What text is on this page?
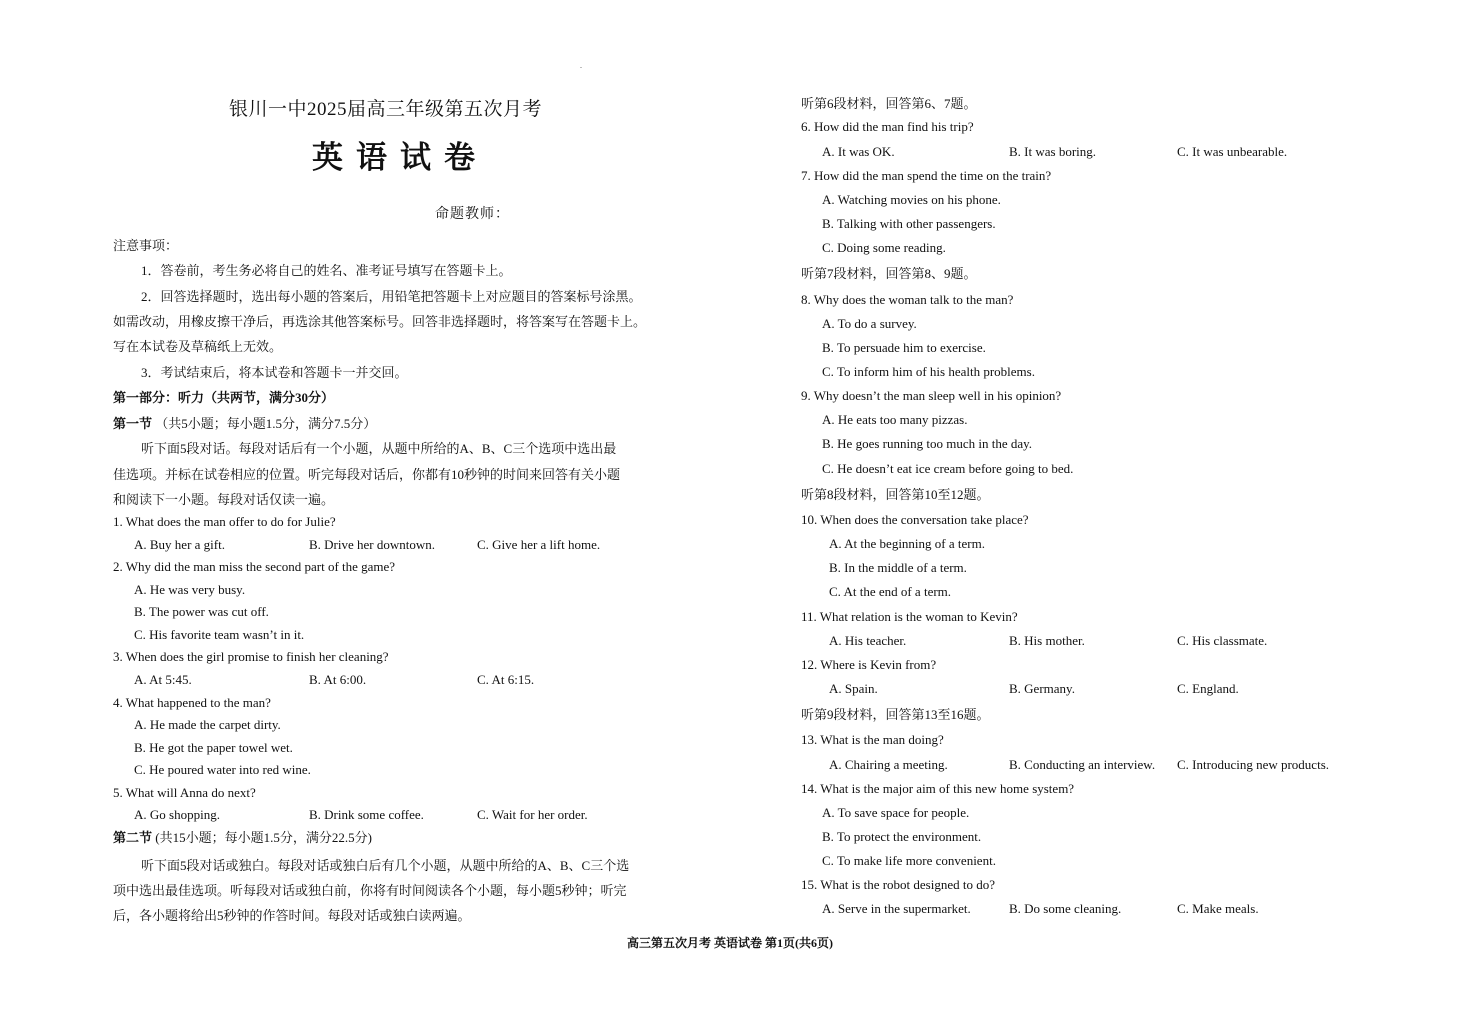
.
银川一中2025届高三年级第五次月考
英语试卷
命题教师：
注意事项：
1．答卷前，考生务必将自己的姓名、准考证号填写在答题卡上。
2．回答选择题时，选出每小题的答案后，用铅笔把答题卡上对应题目的答案标号涂黑。
如需改动，用橡皮擦干净后，再选涂其他答案标号。回答非选择题时，将答案写在答题卡上。
写在本试卷及草稿纸上无效。
3．考试结束后，将本试卷和答题卡一并交回。
第一部分：听力（共两节，满分30分）
第一节 （共5小题；每小题1.5分，满分7.5分）
听下面5段对话。每段对话后有一个小题，从题中所给的A、B、C三个选项中选出最
佳选项。并标在试卷相应的位置。听完每段对话后，你都有10秒钟的时间来回答有关小题
和阅读下一小题。每段对话仅读一遍。
1. What does the man offer to do for Julie?
A. Buy her a gift.	B. Drive her downtown.	C. Give her a lift home.
2. Why did the man miss the second part of the game?
A. He was very busy.
B. The power was cut off.
C. His favorite team wasn’t in it.
3. When does the girl promise to finish her cleaning?
A. At 5:45.	B. At 6:00.	C. At 6:15.
4. What happened to the man?
A. He made the carpet dirty.
B. He got the paper towel wet.
C. He poured water into red wine.
5. What will Anna do next?
A. Go shopping.	B. Drink some coffee.	C. Wait for her order.
第二节 (共15小题；每小题1.5分，满分22.5分)
听下面5段对话或独白。每段对话或独白后有几个小题，从题中所给的A、B、C三个选
项中选出最佳选项。听每段对话或独白前，你将有时间阅读各个小题，每小题5秒钟；听完
后，各小题将给出5秒钟的作答时间。每段对话或独白读两遍。
听第6段材料，回答第6、7题。
6. How did the man find his trip?
A. It was OK.	B. It was boring.	C. It was unbearable.
7. How did the man spend the time on the train?
A. Watching movies on his phone.
B. Talking with other passengers.
C. Doing some reading.
听第7段材料，回答第8、9题。
8. Why does the woman talk to the man?
A. To do a survey.
B. To persuade him to exercise.
C. To inform him of his health problems.
9. Why doesn’t the man sleep well in his opinion?
A. He eats too many pizzas.
B. He goes running too much in the day.
C. He doesn’t eat ice cream before going to bed.
听第8段材料，回答第10至12题。
10. When does the conversation take place?
A. At the beginning of a term.
B. In the middle of a term.
C. At the end of a term.
11. What relation is the woman to Kevin?
A. His teacher.	B. His mother.	C. His classmate.
12. Where is Kevin from?
A. Spain.	B. Germany.	C. England.
听第9段材料，回答第13至16题。
13. What is the man doing?
A. Chairing a meeting.	B. Conducting an interview. C. Introducing new products.
14. What is the major aim of this new home system?
A. To save space for people.
B. To protect the environment.
C. To make life more convenient.
15. What is the robot designed to do?
A. Serve in the supermarket.	B. Do some cleaning.	C. Make meals.
高三第五次月考 英语试卷 第1页(共6页)
